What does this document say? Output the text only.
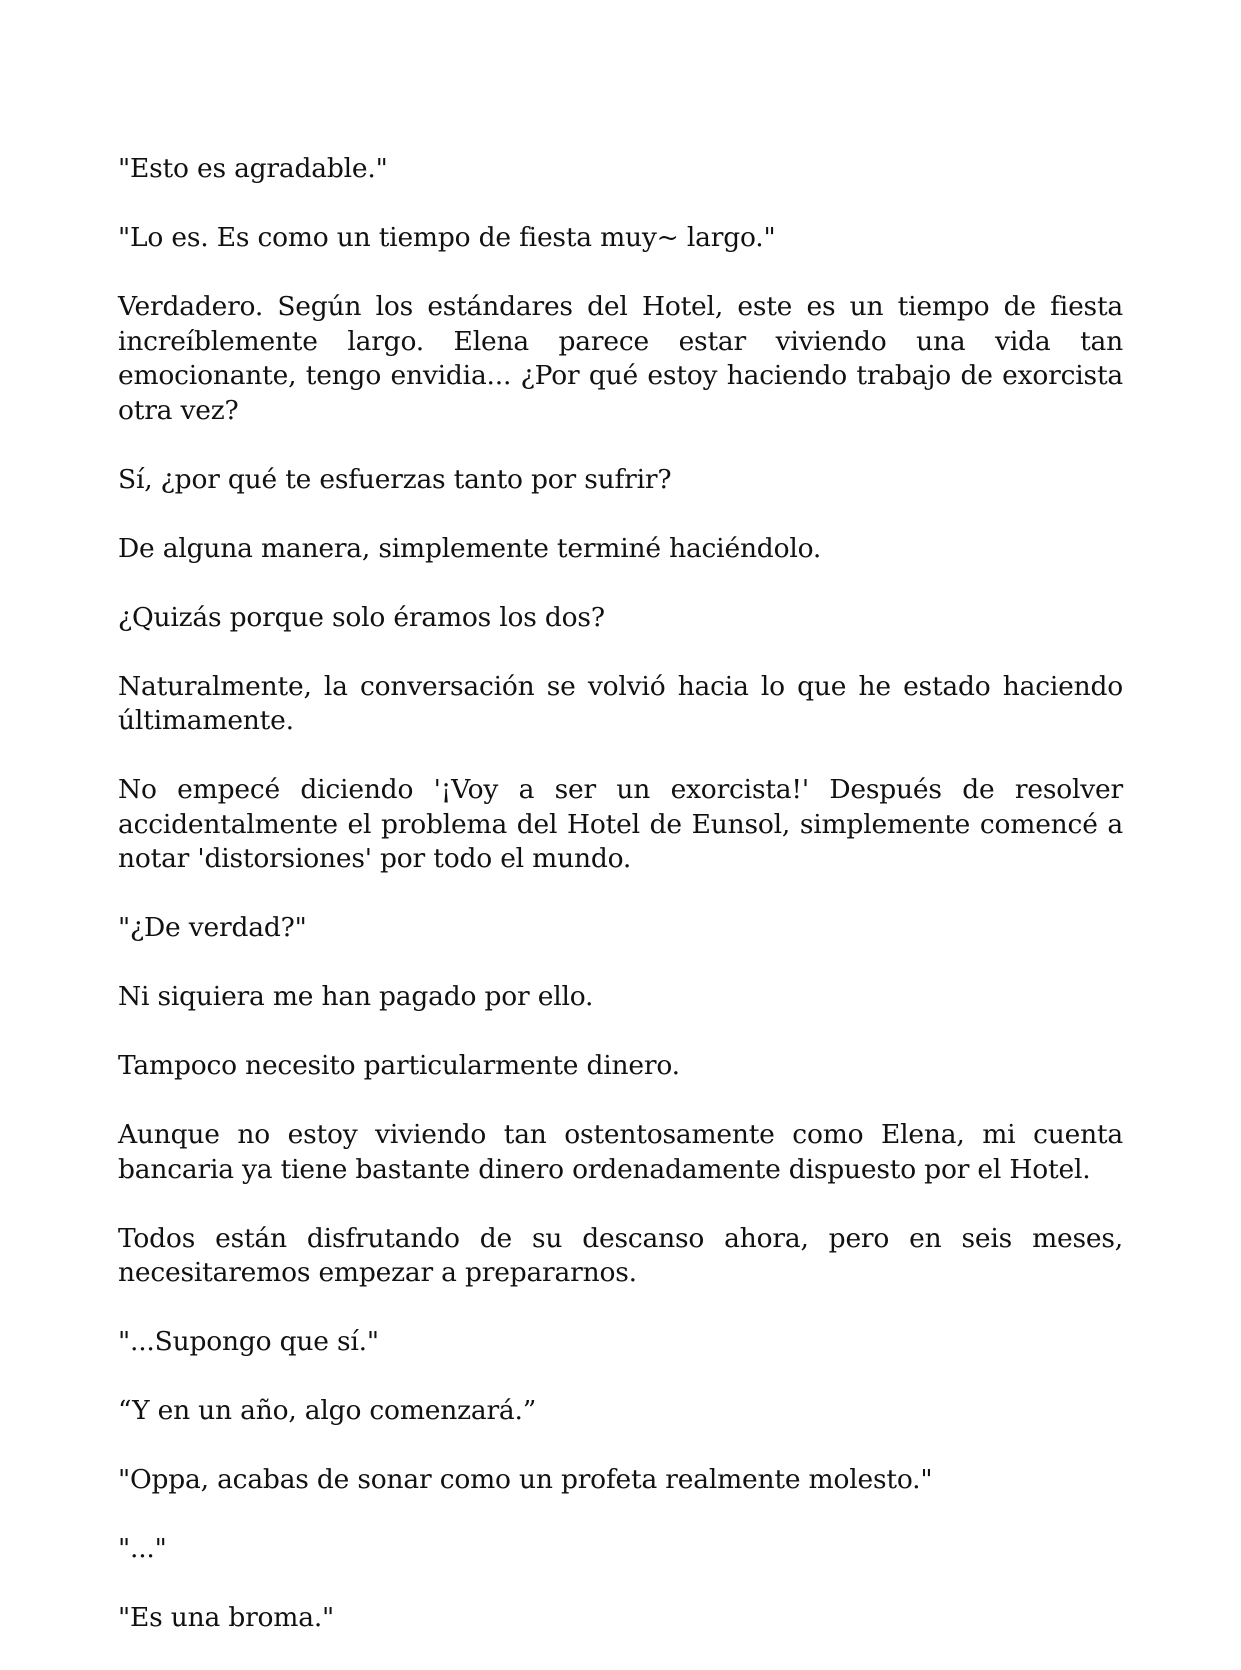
"Esto es agradable."

"Lo es. Es como un tiempo de fiesta muy~ largo."

Verdadero. Según los estándares del Hotel, este es un tiempo de fiesta increíblemente largo. Elena parece estar viviendo una vida tan emocionante, tengo envidia... ¿Por qué estoy haciendo trabajo de exorcista otra vez?

Sí, ¿por qué te esfuerzas tanto por sufrir?

De alguna manera, simplemente terminé haciéndolo.

¿Quizás porque solo éramos los dos?

Naturalmente, la conversación se volvió hacia lo que he estado haciendo últimamente.

No empecé diciendo '¡Voy a ser un exorcista!' Después de resolver accidentalmente el problema del Hotel de Eunsol, simplemente comencé a notar 'distorsiones' por todo el mundo.

"¿De verdad?"

Ni siquiera me han pagado por ello.

Tampoco necesito particularmente dinero.

Aunque no estoy viviendo tan ostentosamente como Elena, mi cuenta bancaria ya tiene bastante dinero ordenadamente dispuesto por el Hotel.

Todos están disfrutando de su descanso ahora, pero en seis meses, necesitaremos empezar a prepararnos.

"...Supongo que sí."

“Y en un año, algo comenzará.”

"Oppa, acabas de sonar como un profeta realmente molesto."

"..."

"Es una broma."
